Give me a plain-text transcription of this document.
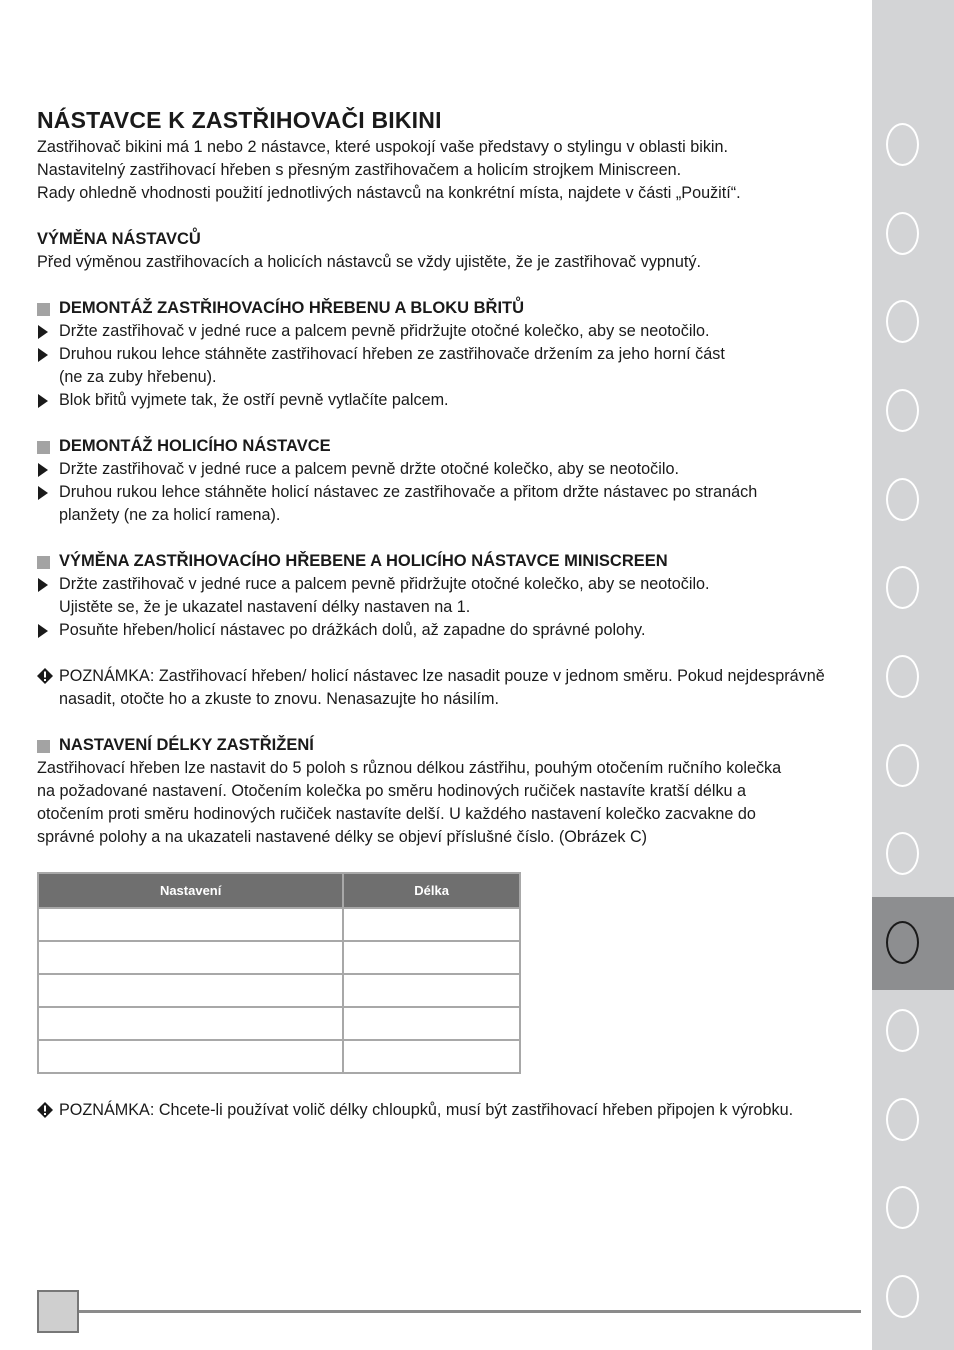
NÁSTAVCE K ZASTŘIHOVAČI BIKINI

Zastřihovač bikini má 1 nebo 2 nástavce, které uspokojí vaše představy o stylingu v oblasti bikin.

Nastavitelný zastřihovací hřeben s přesným zastřihovačem a holicím strojkem Miniscreen.

Rady ohledně vhodnosti použití jednotlivých nástavců na konkrétní místa, najdete v části „Použití“.

VÝMĚNA NÁSTAVCŮ

Před výměnou zastřihovacích a holicích nástavců se vždy ujistěte, že je zastřihovač vypnutý.

DEMONTÁŽ ZASTŘIHOVACÍHO HŘEBENU A BLOKU BŘITŮ

Držte zastřihovač v jedné ruce a palcem pevně přidržujte otočné kolečko, aby se neotočilo.

Druhou rukou lehce stáhněte zastřihovací hřeben ze zastřihovače držením za jeho horní část
(ne za zuby hřebenu).

Blok břitů vyjmete tak, že ostří pevně vytlačíte palcem.

DEMONTÁŽ HOLICÍHO NÁSTAVCE

Držte zastřihovač v jedné ruce a palcem pevně držte otočné kolečko, aby se neotočilo.

Druhou rukou lehce stáhněte holicí nástavec ze zastřihovače a přitom držte nástavec po stranách
planžety (ne za holicí ramena).

VÝMĚNA ZASTŘIHOVACÍHO HŘEBENE A HOLICÍHO NÁSTAVCE MINISCREEN

Držte zastřihovač v jedné ruce a palcem pevně přidržujte otočné kolečko, aby se neotočilo.
Ujistěte se, že je ukazatel nastavení délky nastaven na 1.

Posuňte hřeben/holicí nástavec po drážkách dolů, až zapadne do správné polohy.

POZNÁMKA: Zastřihovací hřeben/ holicí nástavec lze nasadit pouze v jednom směru. Pokud nejdesprávně nasadit, otočte ho a zkuste to znovu. Nenasazujte ho násilím.

NASTAVENÍ DÉLKY ZASTŘIŽENÍ

Zastřihovací hřeben lze nastavit do 5 poloh s různou délkou zástřihu, pouhým otočením ručního kolečka

na požadované nastavení. Otočením kolečka po směru hodinových ručiček nastavíte kratší délku a

otočením proti směru hodinových ručiček nastavíte delší. U každého nastavení kolečko zacvakne do

správné polohy a na ukazateli nastavené délky se objeví příslušné číslo. (Obrázek C)

Nastavení	Délka

POZNÁMKA: Chcete-li používat volič délky chloupků, musí být zastřihovací hřeben připojen k výrobku.
